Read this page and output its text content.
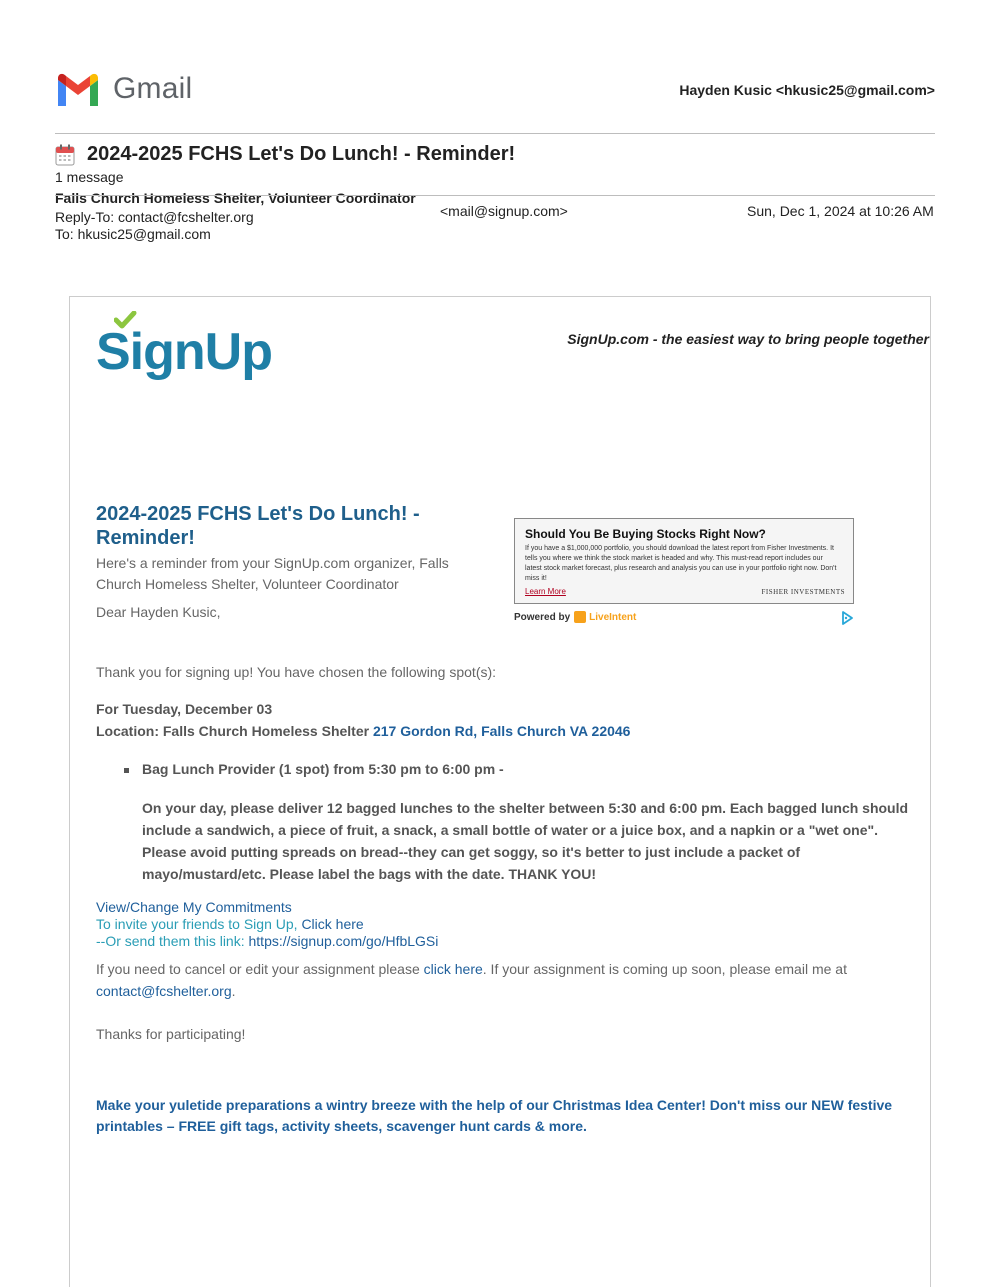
Gmail	Hayden Kusic <hkusic25@gmail.com>
2024-2025 FCHS Let's Do Lunch! - Reminder!
1 message
Falls Church Homeless Shelter, Volunteer Coordinator
<mail@signup.com>	Sun, Dec 1, 2024 at 10:26 AM
Reply-To: contact@fcshelter.org
To: hkusic25@gmail.com
SignUp	SignUp.com - the easiest way to bring people together
2024-2025 FCHS Let's Do Lunch! - Reminder!
Here's a reminder from your SignUp.com organizer, Falls Church Homeless Shelter, Volunteer Coordinator
Dear Hayden Kusic,
Should You Be Buying Stocks Right Now?
If you have a $1,000,000 portfolio, you should download the latest report from Fisher Investments. It tells you where we think the stock market is headed and why. This must-read report includes our latest stock market forecast, plus research and analysis you can use in your portfolio right now. Don't miss it!
Learn More	FISHER INVESTMENTS
Powered by LiveIntent
Thank you for signing up! You have chosen the following spot(s):
For Tuesday, December 03
Location: Falls Church Homeless Shelter 217 Gordon Rd, Falls Church VA 22046
Bag Lunch Provider (1 spot) from 5:30 pm to 6:00 pm -
On your day, please deliver 12 bagged lunches to the shelter between 5:30 and 6:00 pm. Each bagged lunch should include a sandwich, a piece of fruit, a snack, a small bottle of water or a juice box, and a napkin or a "wet one". Please avoid putting spreads on bread--they can get soggy, so it's better to just include a packet of mayo/mustard/etc. Please label the bags with the date. THANK YOU!
View/Change My Commitments
To invite your friends to Sign Up, Click here
--Or send them this link: https://signup.com/go/HfbLGSi
If you need to cancel or edit your assignment please click here. If your assignment is coming up soon, please email me at contact@fcshelter.org.
Thanks for participating!
Make your yuletide preparations a wintry breeze with the help of our Christmas Idea Center! Don't miss our NEW festive printables – FREE gift tags, activity sheets, scavenger hunt cards & more.
